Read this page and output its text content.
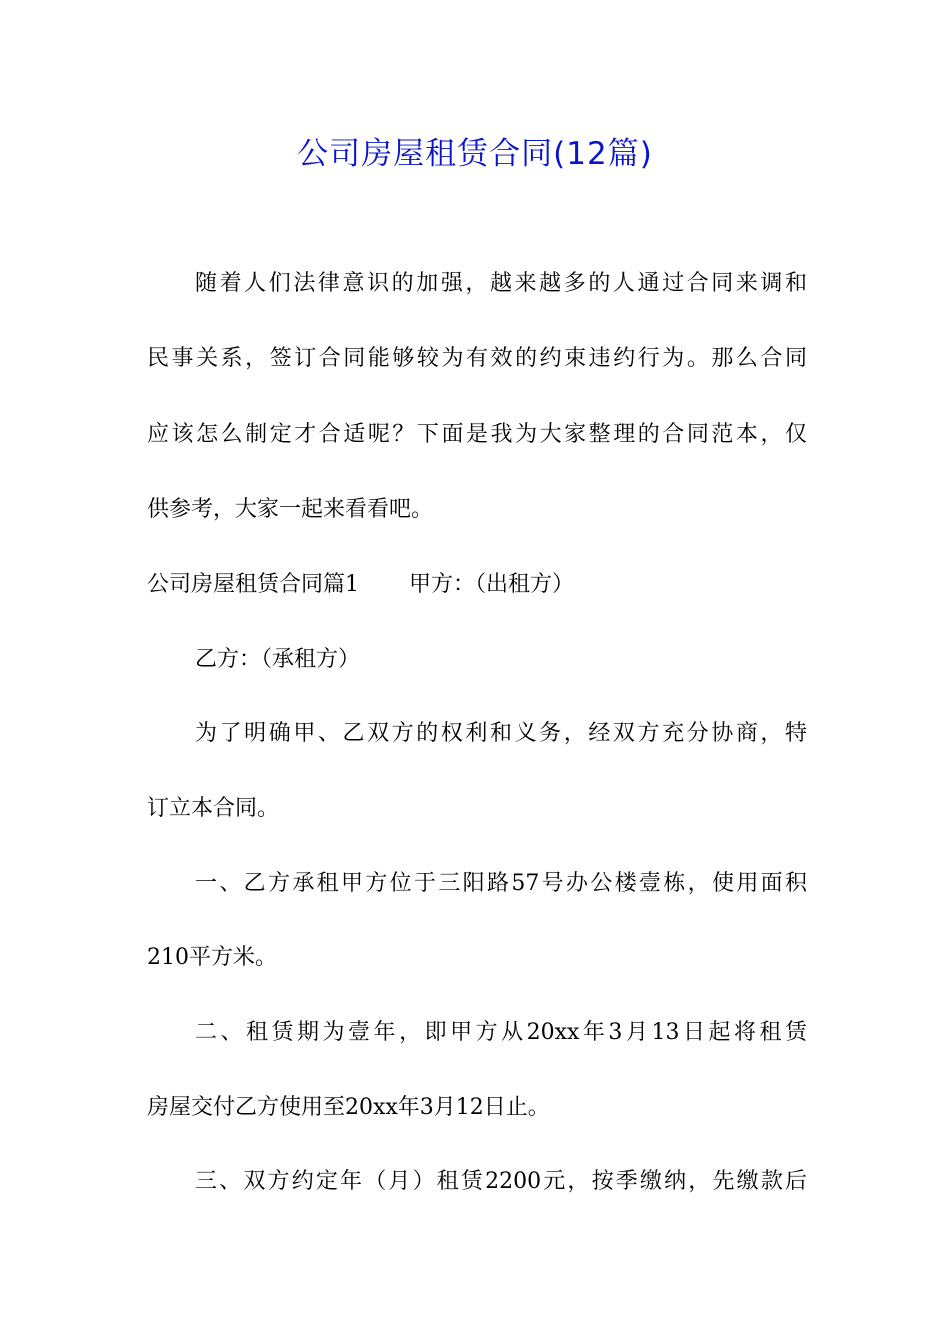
公司房屋租赁合同(12篇)

随着人们法律意识的加强，越来越多的人通过合同来调和

民事关系，签订合同能够较为有效的约束违约行为。那么合同

应该怎么制定才合适呢？下面是我为大家整理的合同范本，仅

供参考，大家一起来看看吧。

公司房屋租赁合同篇1 甲方：（出租方）

乙方：（承租方）

为了明确甲、乙双方的权利和义务，经双方充分协商，特

订立本合同。

一、乙方承租甲方位于三阳路57号办公楼壹栋，使用面积

210平方米。

二、租赁期为壹年，即甲方从20xx年3月13日起将租赁

房屋交付乙方使用至20xx年3月12日止。

三、双方约定年（月）租赁2200元，按季缴纳，先缴款后
